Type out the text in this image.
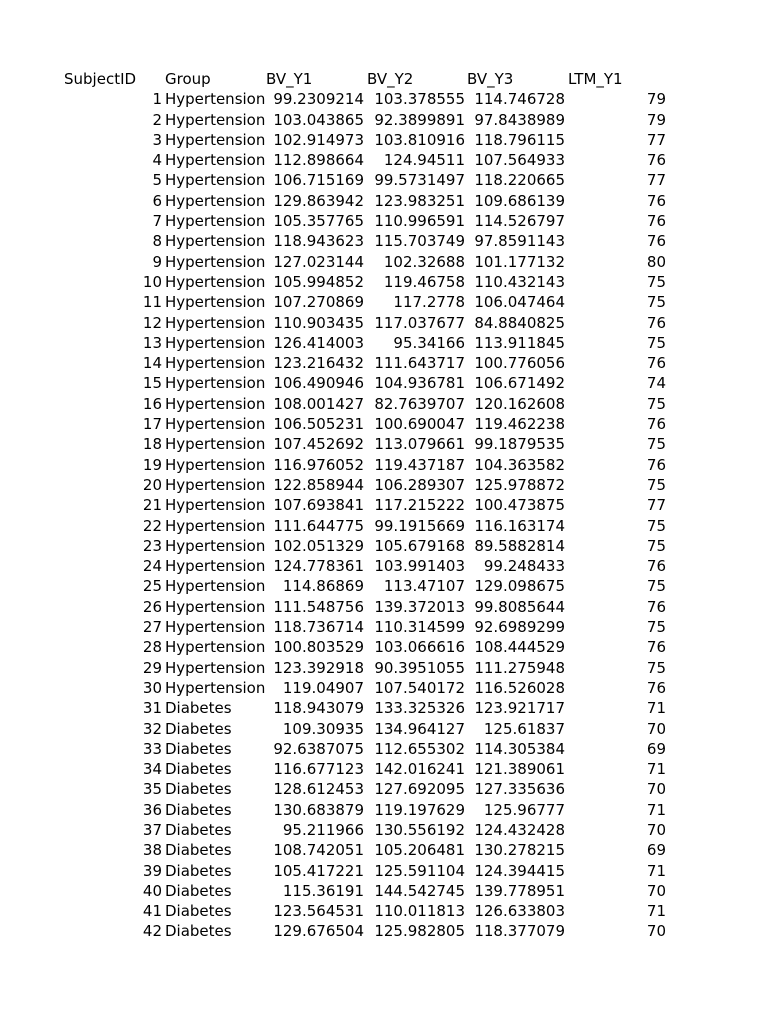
SubjectID Group	BV_Y1	BV_Y2	BV_Y3	LTM_Y1
1 Hypertension 99.2309214 103.378555 114.746728	79
2 Hypertension 103.043865 92.3899891 97.8438989	79
3 Hypertension 102.914973 103.810916 118.796115	77
4 Hypertension 112.898664	124.94511 107.564933	76
5 Hypertension 106.715169 99.5731497 118.220665	77
6 Hypertension 129.863942 123.983251 109.686139	76
7 Hypertension 105.357765 110.996591 114.526797	76
8 Hypertension 118.943623 115.703749 97.8591143	76
9 Hypertension 127.023144	102.32688 101.177132	80
10 Hypertension 105.994852	119.46758 110.432143	75
11 Hypertension 107.270869	117.2778 106.047464	75
12 Hypertension 110.903435 117.037677 84.8840825	76
13 Hypertension 126.414003	95.34166 113.911845	75
14 Hypertension 123.216432 111.643717 100.776056	76
15 Hypertension 106.490946 104.936781 106.671492	74
16 Hypertension 108.001427 82.7639707 120.162608	75
17 Hypertension 106.505231 100.690047 119.462238	76
18 Hypertension 107.452692 113.079661 99.1879535	75
19 Hypertension 116.976052 119.437187 104.363582	76
20 Hypertension 122.858944 106.289307 125.978872	75
21 Hypertension 107.693841 117.215222 100.473875	77
22 Hypertension 111.644775 99.1915669 116.163174	75
23 Hypertension 102.051329 105.679168 89.5882814	75
24 Hypertension 124.778361 103.991403	99.248433	76
25 Hypertension	114.86869	113.47107 129.098675	75
26 Hypertension 111.548756 139.372013 99.8085644	76
27 Hypertension 118.736714 110.314599 92.6989299	75
28 Hypertension 100.803529 103.066616 108.444529	76
29 Hypertension 123.392918 90.3951055 111.275948	75
30 Hypertension	119.04907 107.540172 116.526028	76
31 Diabetes	118.943079 133.325326 123.921717	71
32 Diabetes	109.30935 134.964127	125.61837	70
33 Diabetes	92.6387075 112.655302 114.305384	69
34 Diabetes	116.677123 142.016241 121.389061	71
35 Diabetes	128.612453 127.692095 127.335636	70
36 Diabetes	130.683879 119.197629	125.96777	71
37 Diabetes	95.211966 130.556192 124.432428	70
38 Diabetes	108.742051 105.206481 130.278215	69
39 Diabetes	105.417221 125.591104 124.394415	71
40 Diabetes	115.36191 144.542745 139.778951	70
41 Diabetes	123.564531 110.011813 126.633803	71
42 Diabetes	129.676504 125.982805 118.377079	70
